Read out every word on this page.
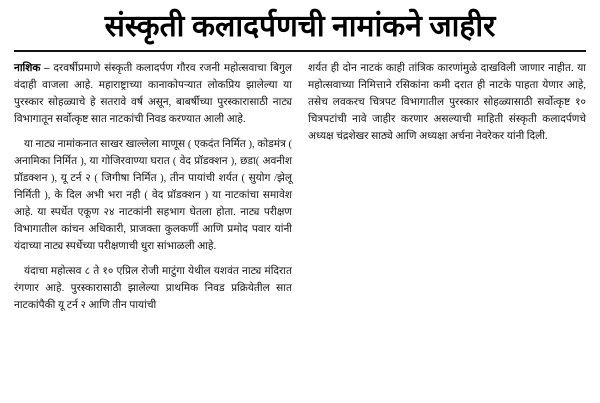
संस्कृती कलादर्पणची नामांकने जाहीर

नाशिक – दरवर्षीप्रमाणे संस्कृती कलादर्पण गौरव रजनी महोत्सवाचा बिगुल वंदाही वाजला आहे. महाराष्ट्राच्या कानाकोपऱ्यात लोकप्रिय झालेल्या या पुरस्कार सोहळ्याचे हे सतरावे वर्ष असून, बाबर्षीच्या पुरस्कारासाठी नाट्य विभागातून सर्वोत्कृष्ट सात नाटकांची निवड करण्यात आली आहे.

या नाट्य नामांकनात साखर खाल्लेला माणूस ( एकदंत निर्मित ), कोडमंत्र ( अनामिका निर्मित ), या गोजिरवाण्या घरात ( वेद प्रॉडक्शन ), छडा( अवनीश प्रॉडक्शन ), यू टर्न २ ( जिगीषा निर्मित ), तीन पायांची शर्यत ( सुयोग /झेलू निर्मिती ), के दिल अभी भरा नही ( वेद प्रॉडक्शन ) या नाटकांचा समावेश आहे. या स्पर्धेत एकूण २४ नाटकांनी सहभाग घेतला होता. नाट्य परीक्षण विभागातील कांचन अधिकारी, प्राजक्ता कुलकर्णी आणि प्रमोद पवार यांनी यंदाच्या नाट्य स्पर्धेच्या परीक्षणाची धुरा सांभाळली आहे.

यंदाचा महोत्सव ८ ते १० एप्रिल रोजी माटुंगा येथील यशवंत नाट्य मंदिरात रंगणार आहे. पुरस्कारासाठी झालेल्या प्राथमिक निवड प्रक्रियेतील सात नाटकांपैकी यू टर्न २ आणि तीन पायांची

शर्यत ही दोन नाटकं काही तांत्रिक कारणांमुळे दाखविली जाणार नाहीत. या महोत्सवाच्या निमित्ताने रसिकांना कमी दरात ही नाटके पाहता येणार आहे, तसेच लवकरच चित्रपट विभागातील पुरस्कार सोहळ्यासाठी सर्वोत्कृष्ट १० चित्रपटांची नावे जाहीर करणार असल्याची माहिती संस्कृती कलादर्पणचे अध्यक्ष चंद्रशेखर साठ्ये आणि अध्यक्षा अर्चना नेवरेकर यांनी दिली.
